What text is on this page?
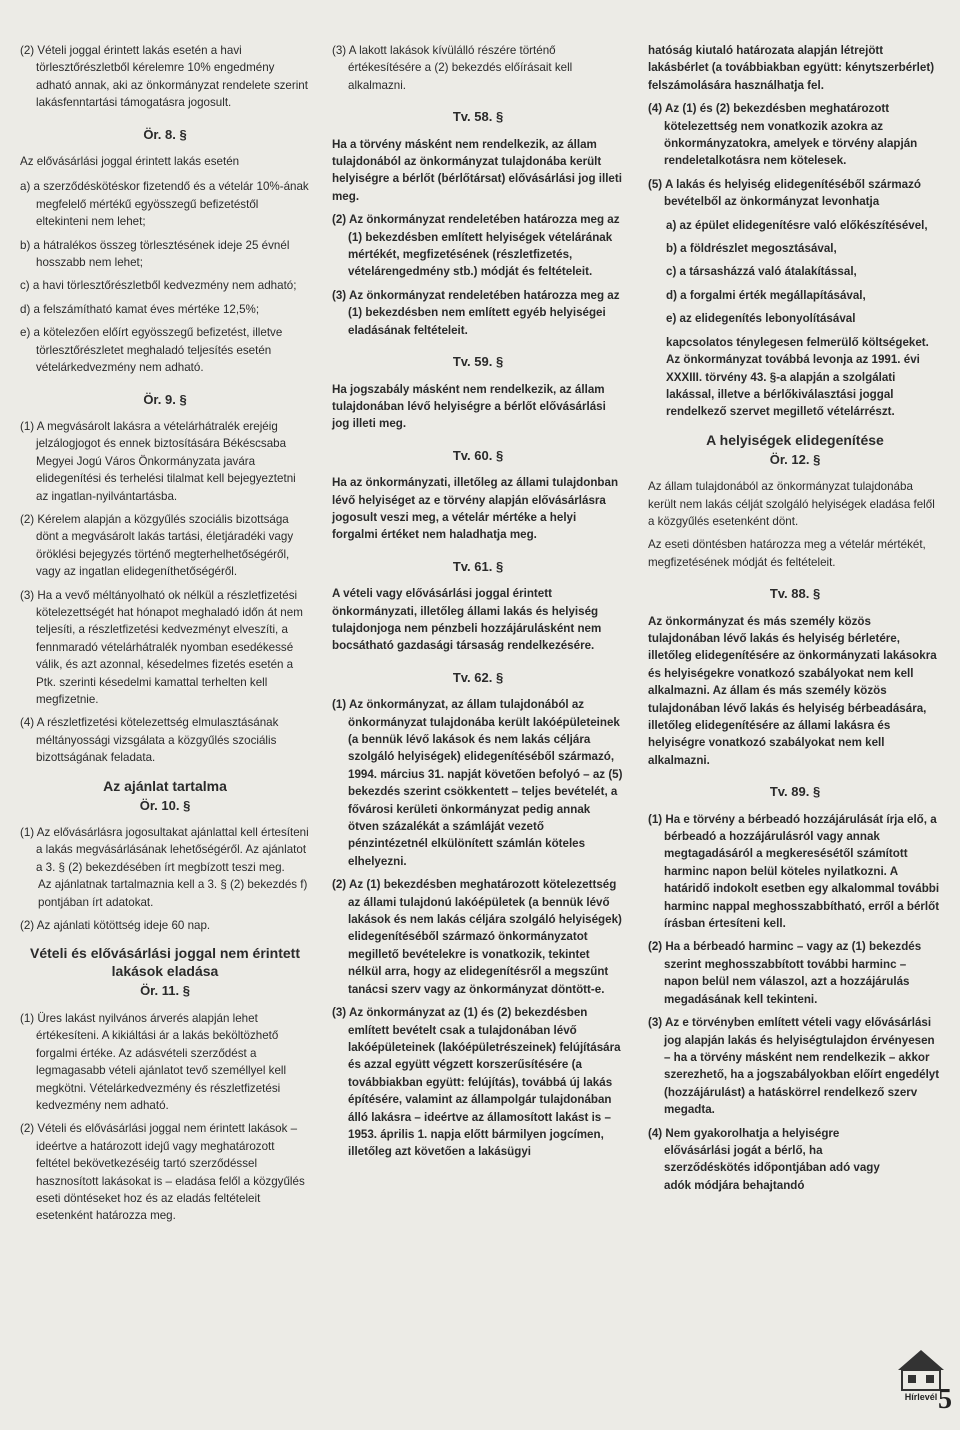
(2) Vételi joggal érintett lakás esetén a havi törlesztőrészletből kérelemre 10% engedmény adható annak, aki az önkormányzat rendelete szerint lakásfenntartási támogatásra jogosult.

Ör. 8. §

Az elővásárlási joggal érintett lakás esetén

a) a szerződéskötéskor fizetendő és a vételár 10%-ának megfelelő mértékű egyösszegű befizetéstől eltekinteni nem lehet;

b) a hátralékos összeg törlesztésének ideje 25 évnél hosszabb nem lehet;

c) a havi törlesztőrészletből kedvezmény nem adható;

d) a felszámítható kamat éves mértéke 12,5%;

e) a kötelezően előírt egyösszegű befizetést, illetve törlesztőrészletet meghaladó teljesítés esetén vételárkedvezmény nem adható.

Ör. 9. §

(1) A megvásárolt lakásra a vételárhátralék erejéig jelzálogjogot és ennek biztosítására Békéscsaba Megyei Jogú Város Önkormányzata javára elidegenítési és terhelési tilalmat kell bejegyeztetni az ingatlan-nyilvántartásba.

(2) Kérelem alapján a közgyűlés szociális bizottsága dönt a megvásárolt lakás tartási, életjáradéki vagy öröklési bejegyzés történő megterhelhetőségéről, vagy az ingatlan elidegeníthetőségéről.

(3) Ha a vevő méltányolható ok nélkül a részletfizetési kötelezettségét hat hónapot meghaladó időn át nem teljesíti, a részletfizetési kedvezményt elveszíti, a fennmaradó vételárhátralék nyomban esedékessé válik, és azt azonnal, késedelmes fizetés esetén a Ptk. szerinti késedelmi kamattal terhelten kell megfizetnie.

(4) A részletfizetési kötelezettség elmulasztásának méltányossági vizsgálata a közgyűlés szociális bizottságának feladata.

Az ajánlat tartalma
Ör. 10. §

(1) Az elővásárlásra jogosultakat ajánlattal kell értesíteni a lakás megvásárlásának lehetőségéről. Az ajánlatot a 3. § (2) bekezdésében írt megbízott teszi meg.

Az ajánlatnak tartalmaznia kell a 3. § (2) bekezdés f) pontjában írt adatokat.

(2) Az ajánlati kötöttség ideje 60 nap.

Vételi és elővásárlási joggal nem érintett lakások eladása
Ör. 11. §

(1) Üres lakást nyilvános árverés alapján lehet értékesíteni. A kikiáltási ár a lakás beköltözhető forgalmi értéke. Az adásvételi szerződést a legmagasabb vételi ajánlatot tevő személlyel kell megkötni. Vételárkedvezmény és részletfizetési kedvezmény nem adható.

(2) Vételi és elővásárlási joggal nem érintett lakások – ideértve a határozott idejű vagy meghatározott feltétel bekövetkezéséig tartó szerződéssel hasznosított lakásokat is – eladása felől a közgyűlés eseti döntéseket hoz és az eladás feltételeit esetenként határozza meg.

(3) A lakott lakások kívülálló részére történő értékesítésére a (2) bekezdés előírásait kell alkalmazni.

Tv. 58. §

Ha a törvény másként nem rendelkezik, az állam tulajdonából az önkormányzat tulajdonába került helyiségre a bérlőt (bérlőtársat) elővásárlási jog illeti meg.

(2) Az önkormányzat rendeletében határozza meg az (1) bekezdésben említett helyiségek vételárának mértékét, megfizetésének (részletfizetés, vételárengedmény stb.) módját és feltételeit.

(3) Az önkormányzat rendeletében határozza meg az (1) bekezdésben nem említett egyéb helyiségei eladásának feltételeit.

Tv. 59. §

Ha jogszabály másként nem rendelkezik, az állam tulajdonában lévő helyiségre a bérlőt elővásárlási jog illeti meg.

Tv. 60. §

Ha az önkormányzati, illetőleg az állami tulajdonban lévő helyiséget az e törvény alapján elővásárlásra jogosult veszi meg, a vételár mértéke a helyi forgalmi értéket nem haladhatja meg.

Tv. 61. §

A vételi vagy elővásárlási joggal érintett önkormányzati, illetőleg állami lakás és helyiség tulajdonjoga nem pénzbeli hozzájárulásként nem bocsátható gazdasági társaság rendelkezésére.

Tv. 62. §

(1) Az önkormányzat, az állam tulajdonából az önkormányzat tulajdonába került lakóépületeinek (a bennük lévő lakások és nem lakás céljára szolgáló helyiségek) elidegenítéséből származó, 1994. március 31. napját követően befolyó – az (5) bekezdés szerint csökkentett – teljes bevételét, a fővárosi kerületi önkormányzat pedig annak ötven százalékát a számláját vezető pénzintézetnél elkülönített számlán köteles elhelyezni.

(2) Az (1) bekezdésben meghatározott kötelezettség az állami tulajdonú lakóépületek (a bennük lévő lakások és nem lakás céljára szolgáló helyiségek) elidegenítéséből származó önkormányzatot megillető bevételekre is vonatkozik, tekintet nélkül arra, hogy az elidegenítésről a megszűnt tanácsi szerv vagy az önkormányzat döntött-e.

(3) Az önkormányzat az (1) és (2) bekezdésben említett bevételt csak a tulajdonában lévő lakóépületeinek (lakóépületrészeinek) felújítására és azzal együtt végzett korszerűsítésére (a továbbiakban együtt: felújítás), továbbá új lakás építésére, valamint az állampolgár tulajdonában álló lakásra – ideértve az államosított lakást is – 1953. április 1. napja előtt bármilyen jogcímen, illetőleg azt követően a lakásügyi

hatóság kiutaló határozata alapján létrejött lakásbérlet (a továbbiakban együtt: kénytszerbérlet) felszámolására használhatja fel.

(4) Az (1) és (2) bekezdésben meghatározott kötelezettség nem vonatkozik azokra az önkormányzatokra, amelyek e törvény alapján rendeletalkotásra nem kötelesek.

(5) A lakás és helyiség elidegenítéséből származó bevételből az önkormányzat levonhatja

a) az épület elidegenítésre való előkészítésével,

b) a földrészlet megosztásával,

c) a társasházzá való átalakítással,

d) a forgalmi érték megállapításával,

e) az elidegenítés lebonyolításával

kapcsolatos ténylegesen felmerülő költségeket. Az önkormányzat továbbá levonja az 1991. évi XXXIII. törvény 43. §-a alapján a szolgálati lakással, illetve a bérlőkiválasztási joggal rendelkező szervet megillető vételárrészt.

A helyiségek elidegenítése
Ör. 12. §

Az állam tulajdonából az önkormányzat tulajdonába került nem lakás célját szolgáló helyiségek eladása felől a közgyűlés esetenként dönt.

Az eseti döntésben határozza meg a vételár mértékét, megfizetésének módját és feltételeit.

Tv. 88. §

Az önkormányzat és más személy közös tulajdonában lévő lakás és helyiség bérletére, illetőleg elidegenítésére az önkormányzati lakásokra és helyiségekre vonatkozó szabályokat nem kell alkalmazni. Az állam és más személy közös tulajdonában lévő lakás és helyiség bérbeadására, illetőleg elidegenítésére az állami lakásra és helyiségre vonatkozó szabályokat nem kell alkalmazni.

Tv. 89. §

(1) Ha e törvény a bérbeadó hozzájárulását írja elő, a bérbeadó a hozzájárulásról vagy annak megtagadásáról a megkeresésétől számított harminc napon belül köteles nyilatkozni. A határidő indokolt esetben egy alkalommal további harminc nappal meghosszabbítható, erről a bérlőt írásban értesíteni kell.

(2) Ha a bérbeadó harminc – vagy az (1) bekezdés szerint meghosszabbított további harminc – napon belül nem válaszol, azt a hozzájárulás megadásának kell tekinteni.

(3) Az e törvényben említett vételi vagy elővásárlási jog alapján lakás és helyiségtulajdon érvényesen – ha a törvény másként nem rendelkezik – akkor szerezhető, ha a jogszabályokban előírt engedélyt (hozzájárulást) a hatáskörrel rendelkező szerv megadta.

(4) Nem gyakorolhatja a helyiségre elővásárlási jogát a bérlő, ha szerződéskötés időpontjában adó vagy adók módjára behajtandó

Hírlevél 5
